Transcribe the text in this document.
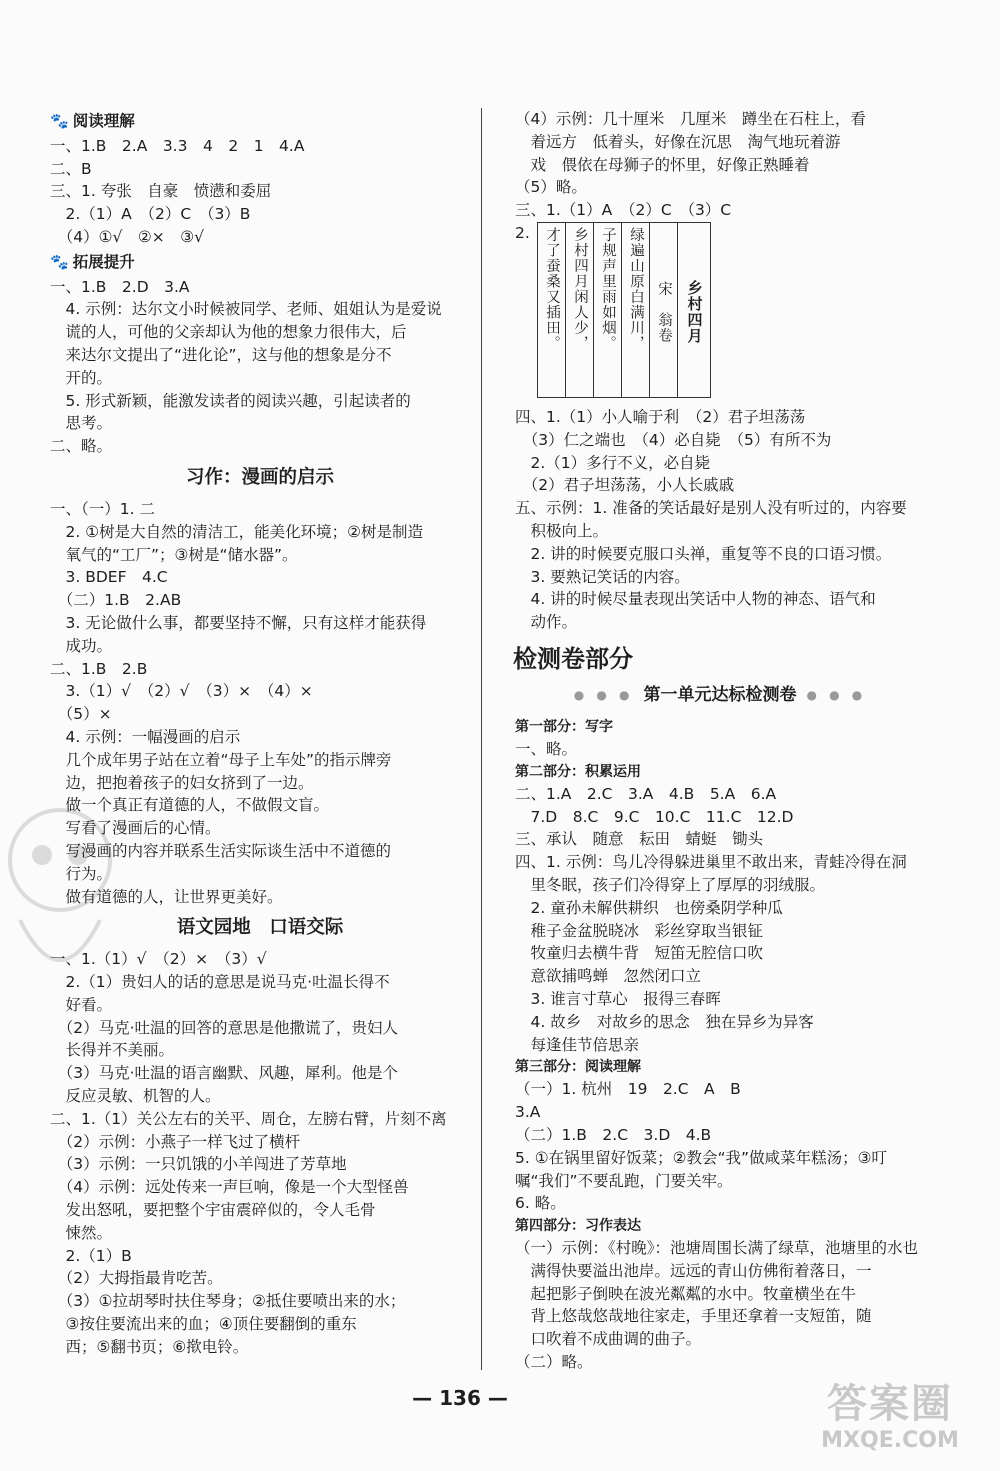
🐾 阅读理解
一、1.B　2.A　3.3　4　2　1　4.A
二、B
三、1. 夸张　自豪　愤懑和委屈
　2.（1）A　（2）C　（3）B
　（4）①√　②×　③√
🐾 拓展提升
一、1.B　2.D　3.A
　4. 示例：达尔文小时候被同学、老师、姐姐认为是爱说
　谎的人，可他的父亲却认为他的想象力很伟大，后
　来达尔文提出了“进化论”，这与他的想象是分不
　开的。
　5. 形式新颖，能激发读者的阅读兴趣，引起读者的
　思考。
二、略。
习作：漫画的启示
一、（一）1. 二
　2. ①树是大自然的清洁工，能美化环境；②树是制造
　氧气的“工厂”；③树是“储水器”。
　3. BDEF　4.C
　（二）1.B　2.AB
　3. 无论做什么事，都要坚持不懈，只有这样才能获得
　成功。
二、1.B　2.B
　3.（1）√　（2）√　（3）×　（4）×
　（5）×
　4. 示例：一幅漫画的启示
　几个成年男子站在立着“母子上车处”的指示牌旁
　边，把抱着孩子的妇女挤到了一边。
　做一个真正有道德的人，不做假文盲。
　写看了漫画后的心情。
　写漫画的内容并联系生活实际谈生活中不道德的
　行为。
　做有道德的人，让世界更美好。
语文园地　口语交际
一、1.（1）√　（2）×　（3）√
　2.（1）贵妇人的话的意思是说马克·吐温长得不
　好看。
　（2）马克·吐温的回答的意思是他撒谎了，贵妇人
　长得并不美丽。
　（3）马克·吐温的语言幽默、风趣，犀利。他是个
　反应灵敏、机智的人。
二、1.（1）关公左右的关平、周仓，左膀右臂，片刻不离
　（2）示例：小燕子一样飞过了横杆
　（3）示例：一只饥饿的小羊闯进了芳草地
　（4）示例：远处传来一声巨响，像是一个大型怪兽
　发出怒吼，要把整个宇宙震碎似的，令人毛骨
　悚然。
　2.（1）B
　（2）大拇指最肯吃苦。
　（3）①拉胡琴时扶住琴身；②抵住要喷出来的水；
　③按住要流出来的血；④顶住要翻倒的重东
　西；⑤翻书页；⑥揿电铃。
（4）示例：几十厘米　几厘米　蹲坐在石柱上，看
　着远方　低着头，好像在沉思　淘气地玩着游
　戏　偎依在母狮子的怀里，好像正熟睡着
（5）略。
三、1.（1）A　（2）C　（3）C
2. 才了蚕桑又插田。 乡村四月闲人少， 子规声里雨如烟。 绿遍山原白满川， 宋　翁卷 乡村四月
四、1.（1）小人喻于利　（2）君子坦荡荡
　（3）仁之端也　（4）必自毙　（5）有所不为
　2.（1）多行不义，必自毙
　（2）君子坦荡荡，小人长戚戚
五、示例：1. 准备的笑话最好是别人没有听过的，内容要
　积极向上。
　2. 讲的时候要克服口头禅，重复等不良的口语习惯。
　3. 要熟记笑话的内容。
　4. 讲的时候尽量表现出笑话中人物的神态、语气和
　动作。
检测卷部分
● ● ● 第一单元达标检测卷 ● ● ●
第一部分：写字
一、略。
第二部分：积累运用
二、1.A　2.C　3.A　4.B　5.A　6.A
　7.D　8.C　9.C　10.C　11.C　12.D
三、承认　随意　耘田　蜻蜓　锄头
四、1. 示例：鸟儿冷得躲进巢里不敢出来，青蛙冷得在洞
　里冬眠，孩子们冷得穿上了厚厚的羽绒服。
　2. 童孙未解供耕织　也傍桑阴学种瓜
　稚子金盆脱晓冰　彩丝穿取当银钲
　牧童归去横牛背　短笛无腔信口吹
　意欲捕鸣蝉　忽然闭口立
　3. 谁言寸草心　报得三春晖
　4. 故乡　对故乡的思念　独在异乡为异客
　每逢佳节倍思亲
第三部分：阅读理解
（一）1. 杭州　19　2.C　A　B
3.A
（二）1.B　2.C　3.D　4.B
5. ①在锅里留好饭菜；②教会“我”做咸菜年糕汤；③叮
嘱“我们”不要乱跑，门要关牢。
6. 略。
第四部分：习作表达
（一）示例：《村晚》：池塘周围长满了绿草，池塘里的水也
　满得快要溢出池岸。远远的青山仿佛衔着落日，一
　起把影子倒映在波光粼粼的水中。牧童横坐在牛
　背上悠哉悠哉地往家走，手里还拿着一支短笛，随
　口吹着不成曲调的曲子。
（二）略。
— 136 —	答案圈
MXQE.COM
